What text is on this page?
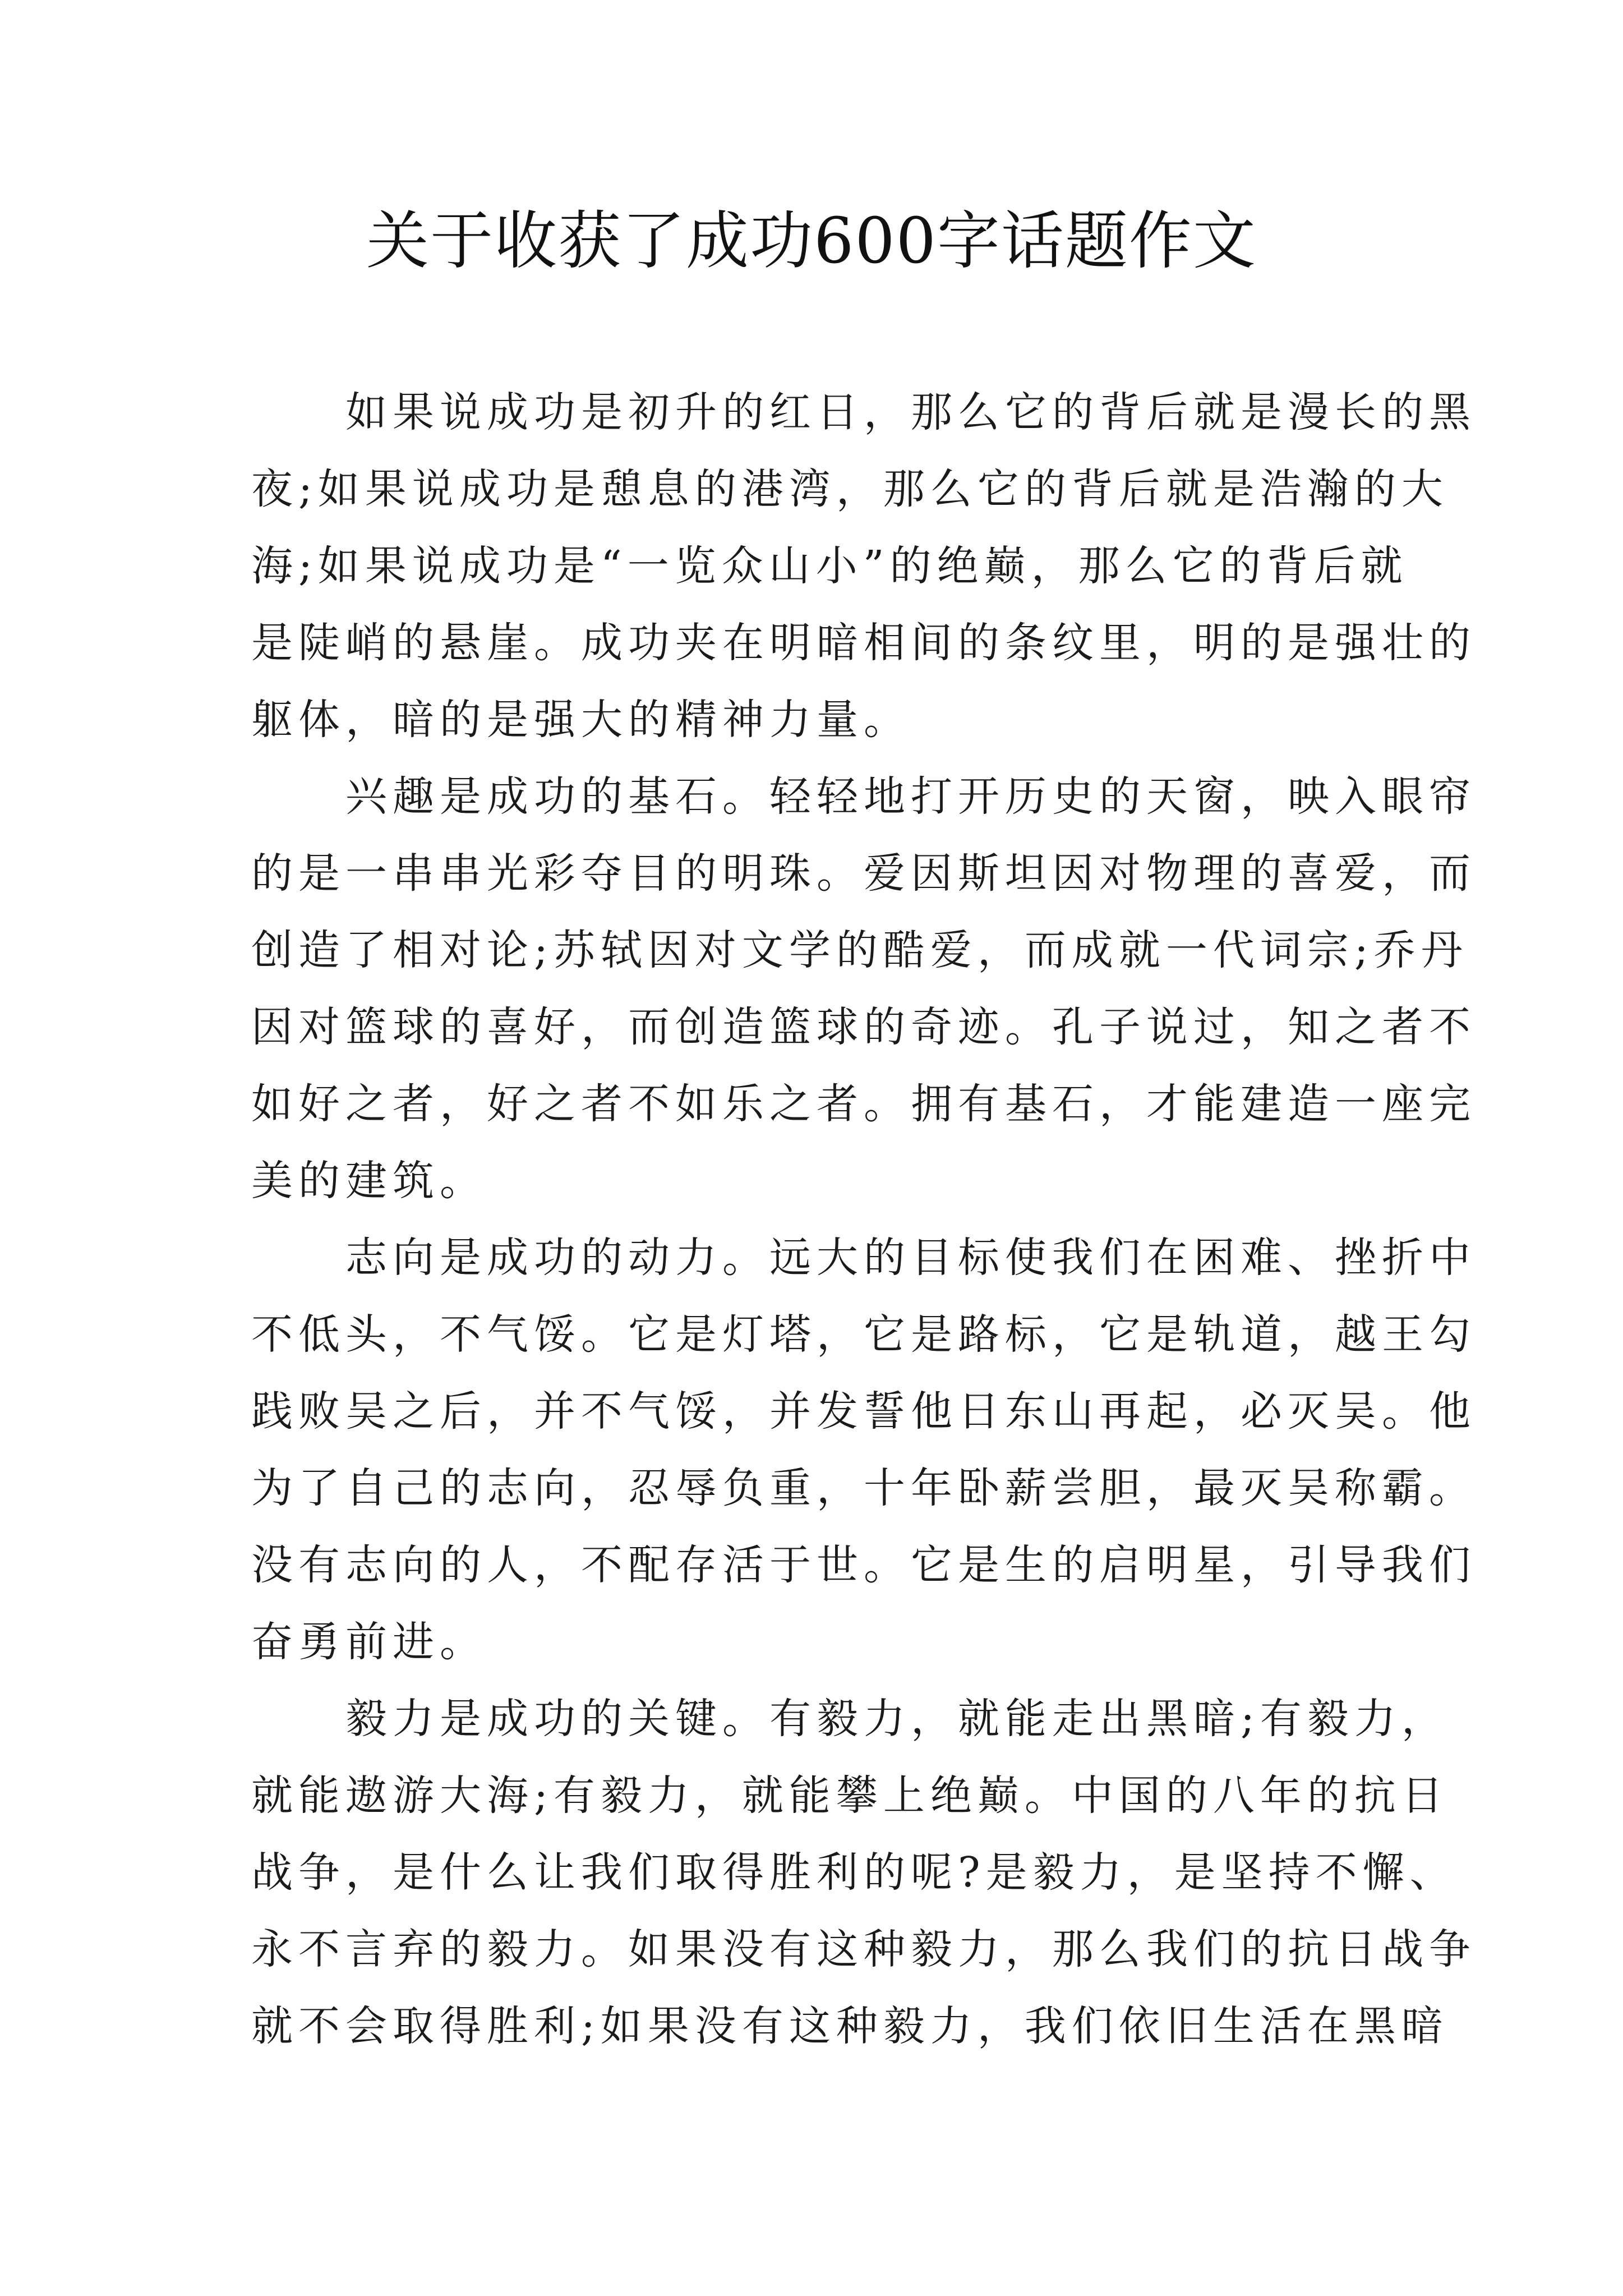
关于收获了成功600字话题作文
如果说成功是初升的红日，那么它的背后就是漫长的黑
夜;如果说成功是憩息的港湾，那么它的背后就是浩瀚的大
海;如果说成功是“一览众山小”的绝巅，那么它的背后就
是陡峭的悬崖。成功夹在明暗相间的条纹里，明的是强壮的
躯体，暗的是强大的精神力量。
兴趣是成功的基石。轻轻地打开历史的天窗，映入眼帘
的是一串串光彩夺目的明珠。爱因斯坦因对物理的喜爱，而
创造了相对论;苏轼因对文学的酷爱，而成就一代词宗;乔丹
因对篮球的喜好，而创造篮球的奇迹。孔子说过，知之者不
如好之者，好之者不如乐之者。拥有基石，才能建造一座完
美的建筑。
志向是成功的动力。远大的目标使我们在困难、挫折中
不低头，不气馁。它是灯塔，它是路标，它是轨道，越王勾
践败吴之后，并不气馁，并发誓他日东山再起，必灭吴。他
为了自己的志向，忍辱负重，十年卧薪尝胆，最灭吴称霸。
没有志向的人，不配存活于世。它是生的启明星，引导我们
奋勇前进。
毅力是成功的关键。有毅力，就能走出黑暗;有毅力，
就能遨游大海;有毅力，就能攀上绝巅。中国的八年的抗日
战争，是什么让我们取得胜利的呢?是毅力，是坚持不懈、
永不言弃的毅力。如果没有这种毅力，那么我们的抗日战争
就不会取得胜利;如果没有这种毅力，我们依旧生活在黑暗
